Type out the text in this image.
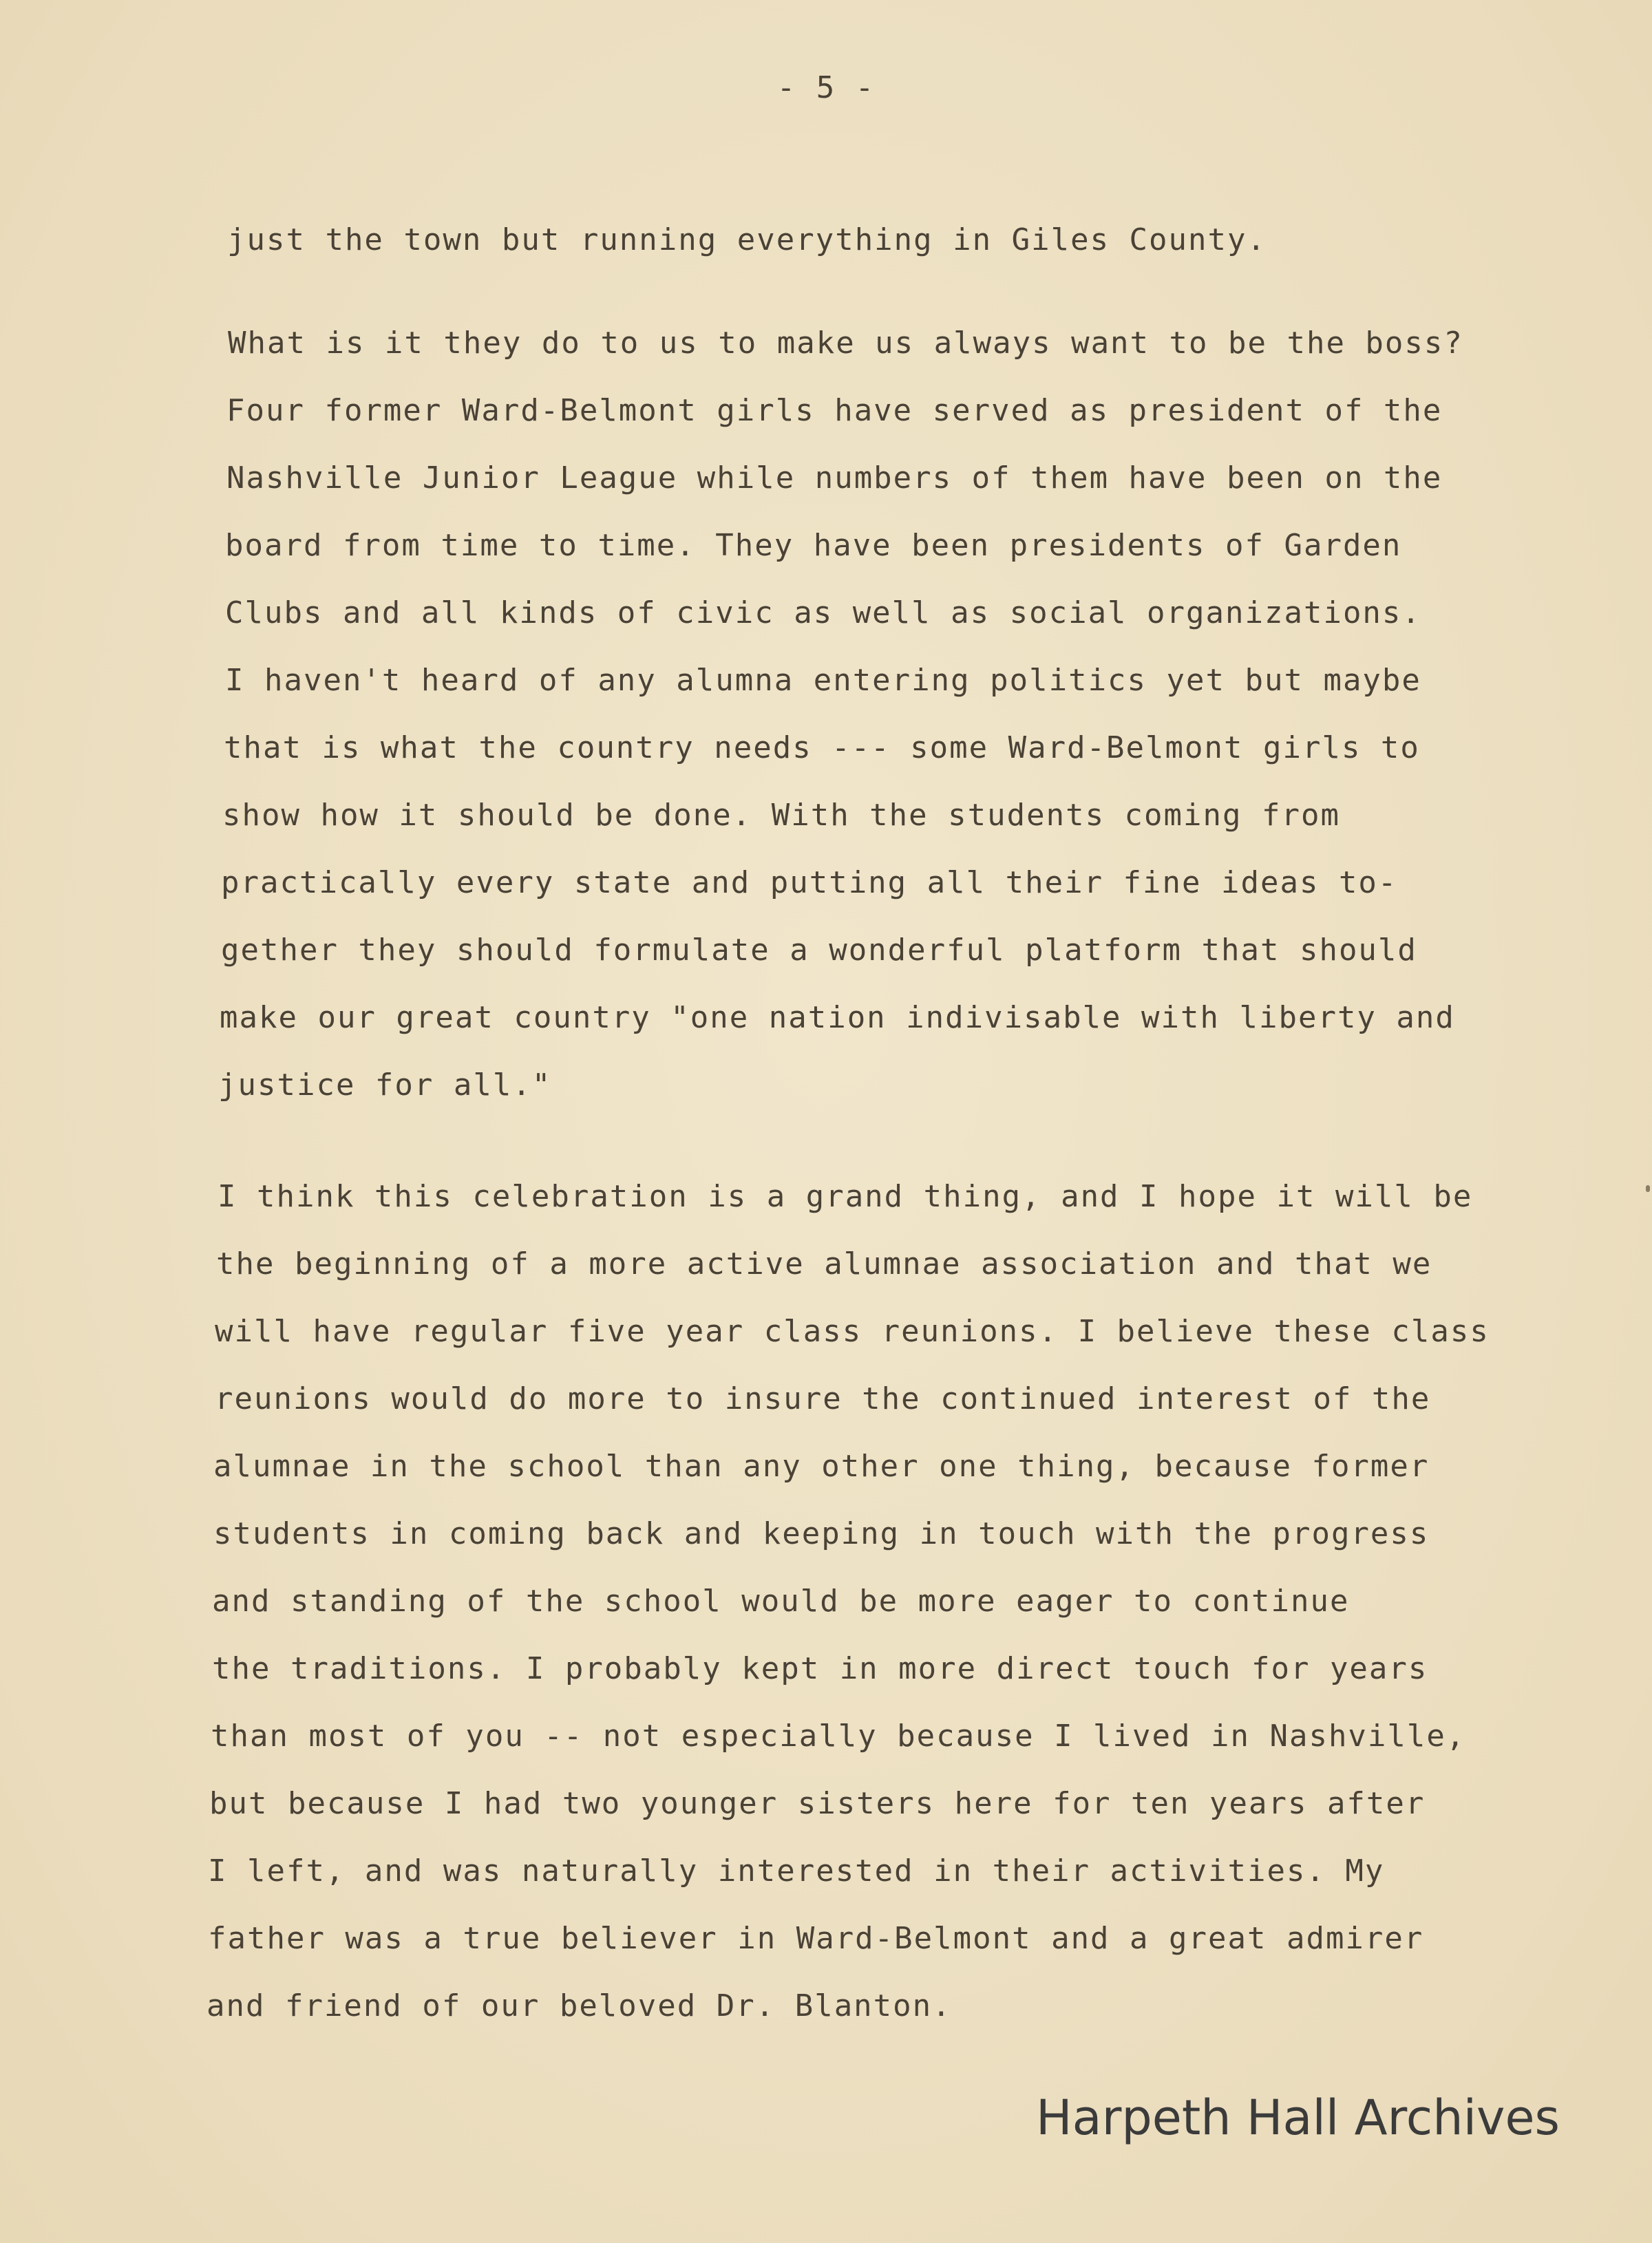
- 5 -

just the town but running everything in Giles County.
What is it they do to us to make us always want to be the boss?
Four former Ward-Belmont girls have served as president of the
Nashville Junior League while numbers of them have been on the
board from time to time. They have been presidents of Garden
Clubs and all kinds of civic as well as social organizations.
I haven't heard of any alumna entering politics yet but maybe
that is what the country needs --- some Ward-Belmont girls to
show how it should be done. With the students coming from
practically every state and putting all their fine ideas to-
gether they should formulate a wonderful platform that should
make our great country "one nation indivisable with liberty and
justice for all."
I think this celebration is a grand thing, and I hope it will be
the beginning of a more active alumnae association and that we
will have regular five year class reunions. I believe these class
reunions would do more to insure the continued interest of the
alumnae in the school than any other one thing, because former
students in coming back and keeping in touch with the progress
and standing of the school would be more eager to continue
the traditions. I probably kept in more direct touch for years
than most of you -- not especially because I lived in Nashville,
but because I had two younger sisters here for ten years after
I left, and was naturally interested in their activities. My
father was a true believer in Ward-Belmont and a great admirer
and friend of our beloved Dr. Blanton.

Harpeth Hall Archives
